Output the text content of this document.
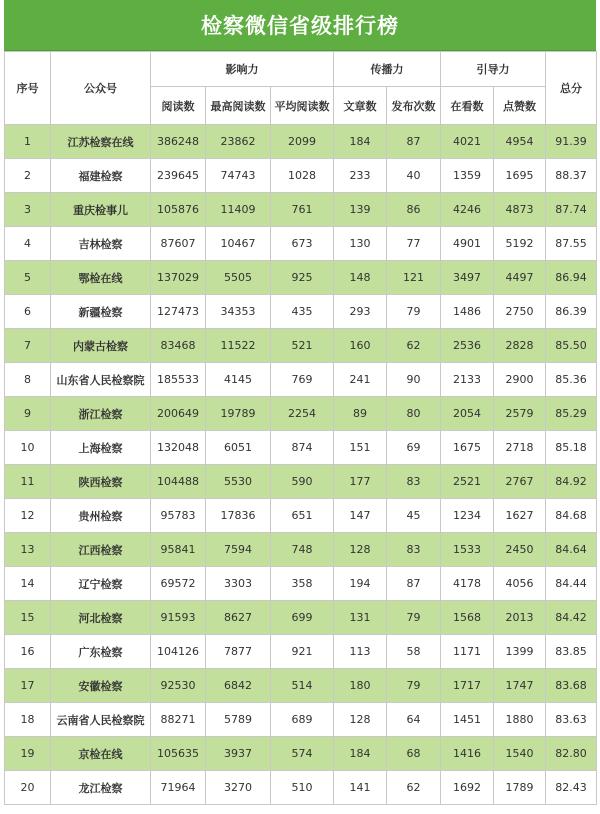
检察微信省级排行榜
序号	公众号	影响力			传播力		引导力		总分
		阅读数	最高阅读数	平均阅读数	文章数	发布次数	在看数	点赞数	
1	江苏检察在线	386248	23862	2099	184	87	4021	4954	91.39
2	福建检察	239645	74743	1028	233	40	1359	1695	88.37
3	重庆检事儿	105876	11409	761	139	86	4246	4873	87.74
4	吉林检察	87607	10467	673	130	77	4901	5192	87.55
5	鄂检在线	137029	5505	925	148	121	3497	4497	86.94
6	新疆检察	127473	34353	435	293	79	1486	2750	86.39
7	内蒙古检察	83468	11522	521	160	62	2536	2828	85.50
8	山东省人民检察院	185533	4145	769	241	90	2133	2900	85.36
9	浙江检察	200649	19789	2254	89	80	2054	2579	85.29
10	上海检察	132048	6051	874	151	69	1675	2718	85.18
11	陕西检察	104488	5530	590	177	83	2521	2767	84.92
12	贵州检察	95783	17836	651	147	45	1234	1627	84.68
13	江西检察	95841	7594	748	128	83	1533	2450	84.64
14	辽宁检察	69572	3303	358	194	87	4178	4056	84.44
15	河北检察	91593	8627	699	131	79	1568	2013	84.42
16	广东检察	104126	7877	921	113	58	1171	1399	83.85
17	安徽检察	92530	6842	514	180	79	1717	1747	83.68
18	云南省人民检察院	88271	5789	689	128	64	1451	1880	83.63
19	京检在线	105635	3937	574	184	68	1416	1540	82.80
20	龙江检察	71964	3270	510	141	62	1692	1789	82.43
